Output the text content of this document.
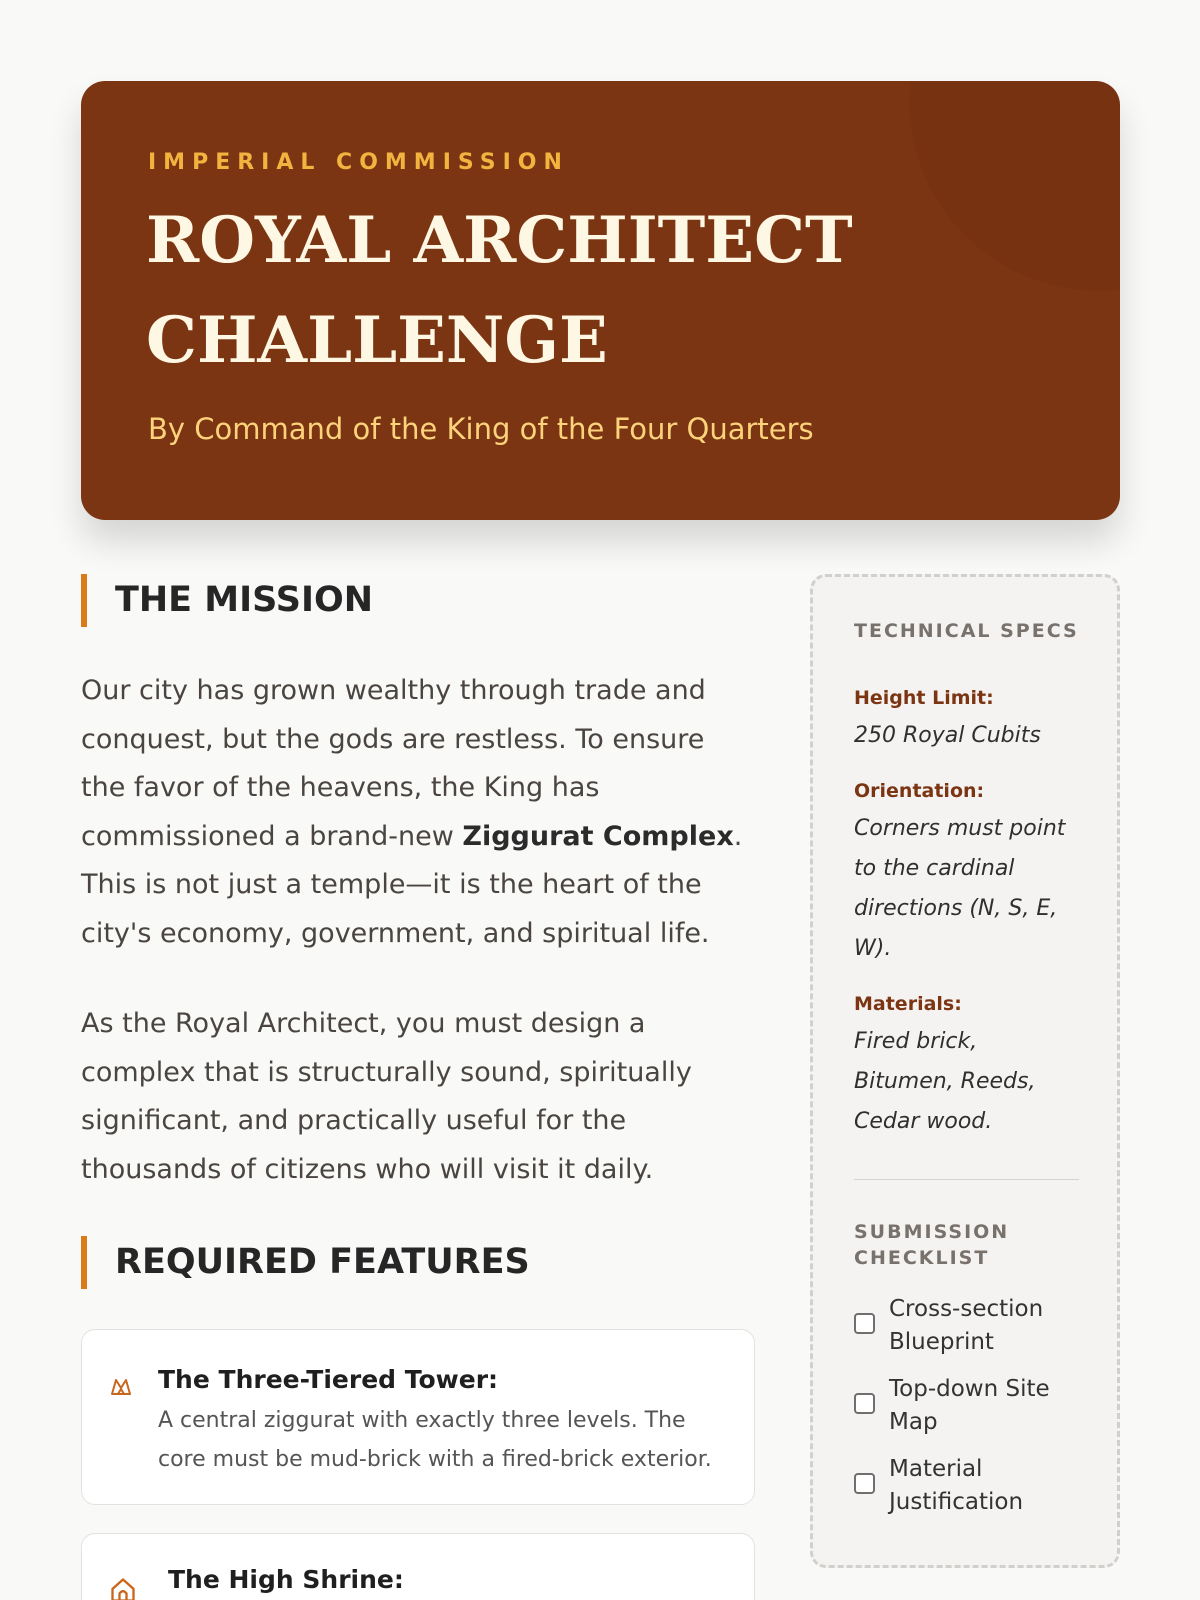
IMPERIAL COMMISSION

ROYAL ARCHITECT
CHALLENGE

By Command of the King of the Four Quarters

THE MISSION

Our city has grown wealthy through trade and
conquest, but the gods are restless. To ensure
the favor of the heavens, the King has
commissioned a brand-new Ziggurat Complex.
This is not just a temple—it is the heart of the
city's economy, government, and spiritual life.

As the Royal Architect, you must design a
complex that is structurally sound, spiritually
significant, and practically useful for the
thousands of citizens who will visit it daily.

REQUIRED FEATURES
The Three-Tiered Tower:

A central ziggurat with exactly three levels. The
core must be mud-brick with a fired-brick exterior.

The High Shrine:
TECHNICAL SPECS

Height Limit:

250 Royal Cubits

Orientation:

Corners must point
to the cardinal
directions (N, S, E,
W).

Materials:

Fired brick,
Bitumen, Reeds,
Cedar wood.

SUBMISSION
CHECKLIST

Cross-section
Blueprint

Top-down Site
Map

Material
Justification
